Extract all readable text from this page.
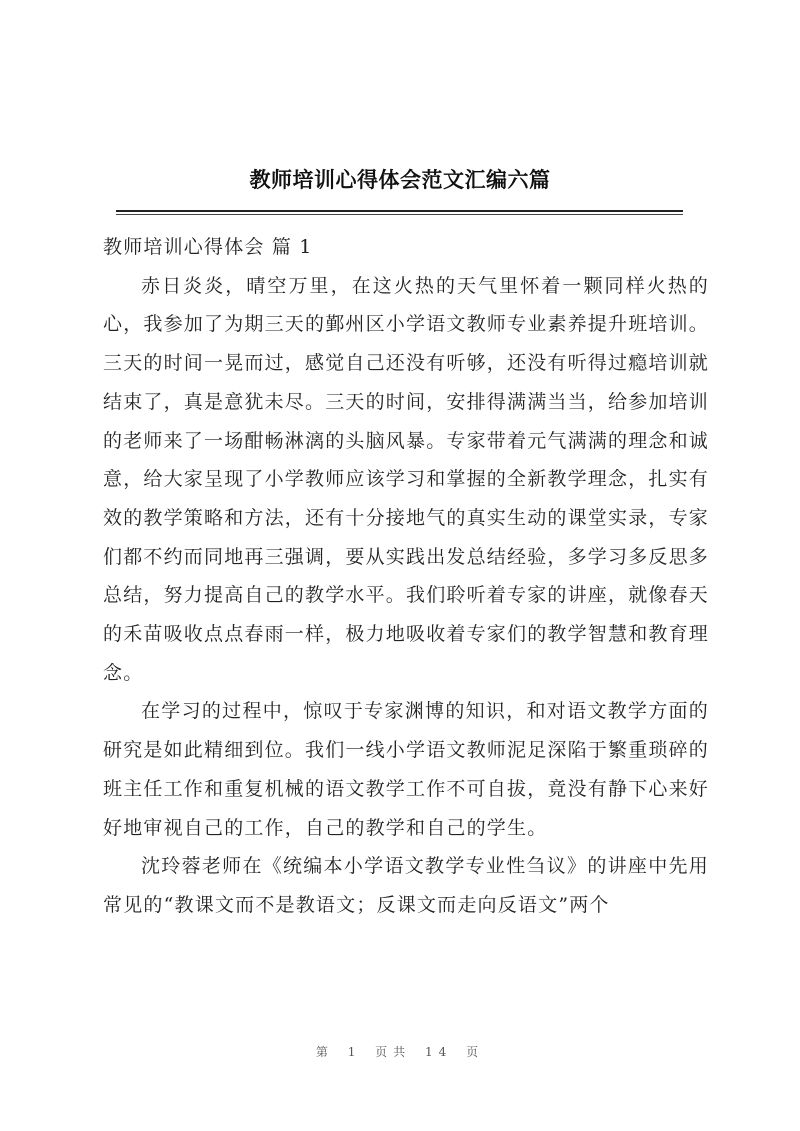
教师培训心得体会范文汇编六篇
教师培训心得体会 篇 1

赤日炎炎，晴空万里，在这火热的天气里怀着一颗同样火热的心，我参加了为期三天的鄞州区小学语文教师专业素养提升班培训。三天的时间一晃而过，感觉自己还没有听够，还没有听得过瘾培训就结束了，真是意犹未尽。三天的时间，安排得满满当当，给参加培训的老师来了一场酣畅淋漓的头脑风暴。专家带着元气满满的理念和诚意，给大家呈现了小学教师应该学习和掌握的全新教学理念，扎实有效的教学策略和方法，还有十分接地气的真实生动的课堂实录，专家们都不约而同地再三强调，要从实践出发总结经验，多学习多反思多总结，努力提高自己的教学水平。我们聆听着专家的讲座，就像春天的禾苗吸收点点春雨一样，极力地吸收着专家们的教学智慧和教育理念。

在学习的过程中，惊叹于专家渊博的知识，和对语文教学方面的研究是如此精细到位。我们一线小学语文教师泥足深陷于繁重琐碎的班主任工作和重复机械的语文教学工作不可自拔，竟没有静下心来好好地审视自己的工作，自己的教学和自己的学生。

沈玲蓉老师在《统编本小学语文教学专业性刍议》的讲座中先用常见的“教课文而不是教语文；反课文而走向反语文”两个

第 1 页共 14 页
